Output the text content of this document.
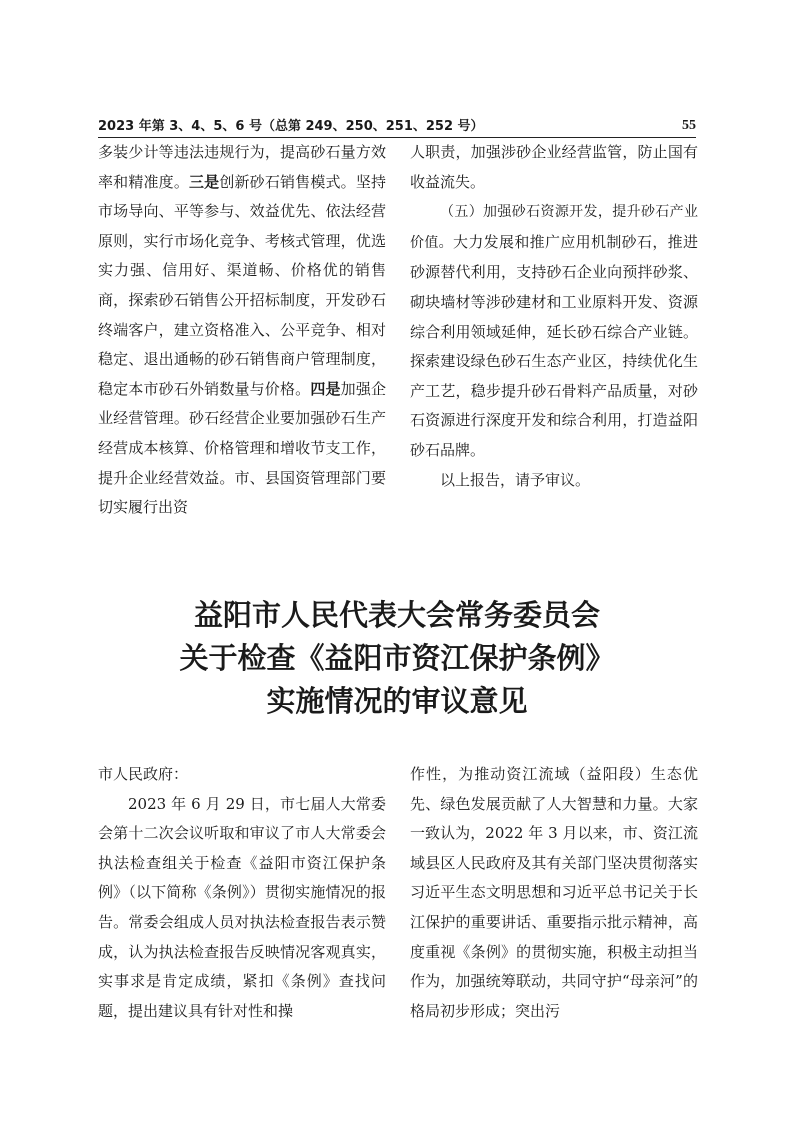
2023 年第 3、4、5、6 号（总第 249、250、251、252 号）	55

多装少计等违法违规行为，提高砂石量方效率和精准度。三是创新砂石销售模式。坚持市场导向、平等参与、效益优先、依法经营原则，实行市场化竞争、考核式管理，优选实力强、信用好、渠道畅、价格优的销售商，探索砂石销售公开招标制度，开发砂石终端客户，建立资格准入、公平竞争、相对稳定、退出通畅的砂石销售商户管理制度，稳定本市砂石外销数量与价格。四是加强企业经营管理。砂石经营企业要加强砂石生产经营成本核算、价格管理和增收节支工作，提升企业经营效益。市、县国资管理部门要切实履行出资

人职责，加强涉砂企业经营监管，防止国有收益流失。

（五）加强砂石资源开发，提升砂石产业价值。大力发展和推广应用机制砂石，推进砂源替代利用，支持砂石企业向预拌砂浆、砌块墙材等涉砂建材和工业原料开发、资源综合利用领域延伸，延长砂石综合产业链。探索建设绿色砂石生态产业区，持续优化生产工艺，稳步提升砂石骨料产品质量，对砂石资源进行深度开发和综合利用，打造益阳砂石品牌。

以上报告，请予审议。

益阳市人民代表大会常务委员会
关于检查《益阳市资江保护条例》
实施情况的审议意见

市人民政府：

2023 年 6 月 29 日，市七届人大常委会第十二次会议听取和审议了市人大常委会执法检查组关于检查《益阳市资江保护条例》（以下简称《条例》）贯彻实施情况的报告。常委会组成人员对执法检查报告表示赞成，认为执法检查报告反映情况客观真实，实事求是肯定成绩，紧扣《条例》查找问题，提出建议具有针对性和操

作性，为推动资江流域（益阳段）生态优先、绿色发展贡献了人大智慧和力量。大家一致认为，2022 年 3 月以来，市、资江流域县区人民政府及其有关部门坚决贯彻落实习近平生态文明思想和习近平总书记关于长江保护的重要讲话、重要指示批示精神，高度重视《条例》的贯彻实施，积极主动担当作为，加强统筹联动，共同守护“母亲河”的格局初步形成；突出污
